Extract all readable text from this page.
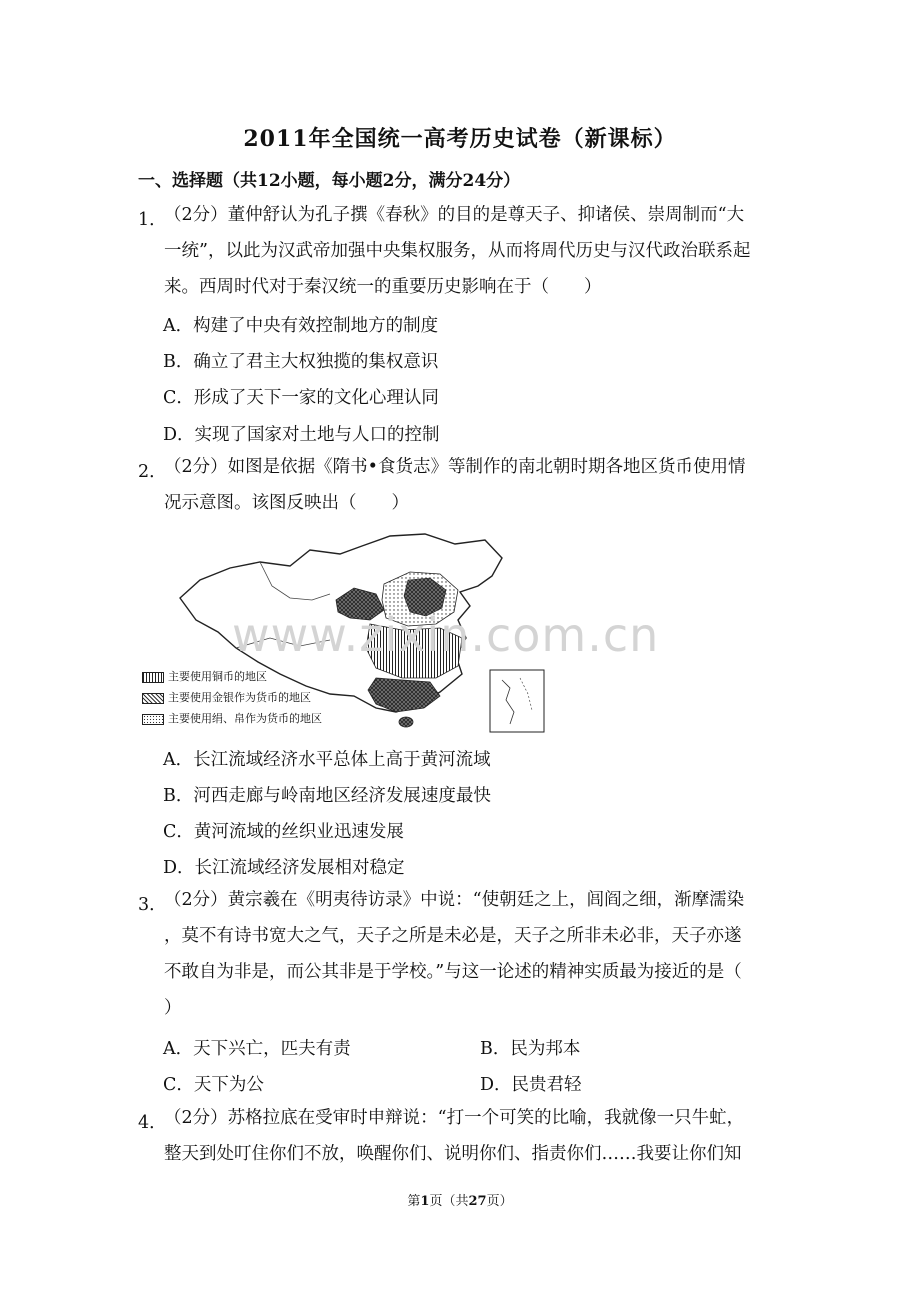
2011年全国统一高考历史试卷（新课标）
一、选择题（共12小题，每小题2分，满分24分）
1．
（2分）董仲舒认为孔子撰《春秋》的目的是尊天子、抑诸侯、崇周制而“大
一统”，以此为汉武帝加强中央集权服务，从而将周代历史与汉代政治联系起
来。西周时代对于秦汉统一的重要历史影响在于（　　）
A．构建了中央有效控制地方的制度
B．确立了君主大权独揽的集权意识
C．形成了天下一家的文化心理认同
D．实现了国家对土地与人口的控制
2．
（2分）如图是依据《隋书•食货志》等制作的南北朝时期各地区货币使用情
况示意图。该图反映出（　　）
主要使用铜币的地区
主要使用金银作为货币的地区
主要使用绢、帛作为货币的地区
www.zixin.com.cn
A．长江流域经济水平总体上高于黄河流域
B．河西走廊与岭南地区经济发展速度最快
C．黄河流域的丝织业迅速发展
D．长江流域经济发展相对稳定
3．
（2分）黄宗羲在《明夷待访录》中说：“使朝廷之上，闾阎之细，渐摩濡染
，莫不有诗书宽大之气，天子之所是未必是，天子之所非未必非，天子亦遂
不敢自为非是，而公其非是于学校。”与这一论述的精神实质最为接近的是（
）
A．天下兴亡，匹夫有责	B．民为邦本
C．天下为公	D．民贵君轻
4．
（2分）苏格拉底在受审时申辩说：“打一个可笑的比喻，我就像一只牛虻，
整天到处叮住你们不放，唤醒你们、说明你们、指责你们……我要让你们知
第1页（共27页）
